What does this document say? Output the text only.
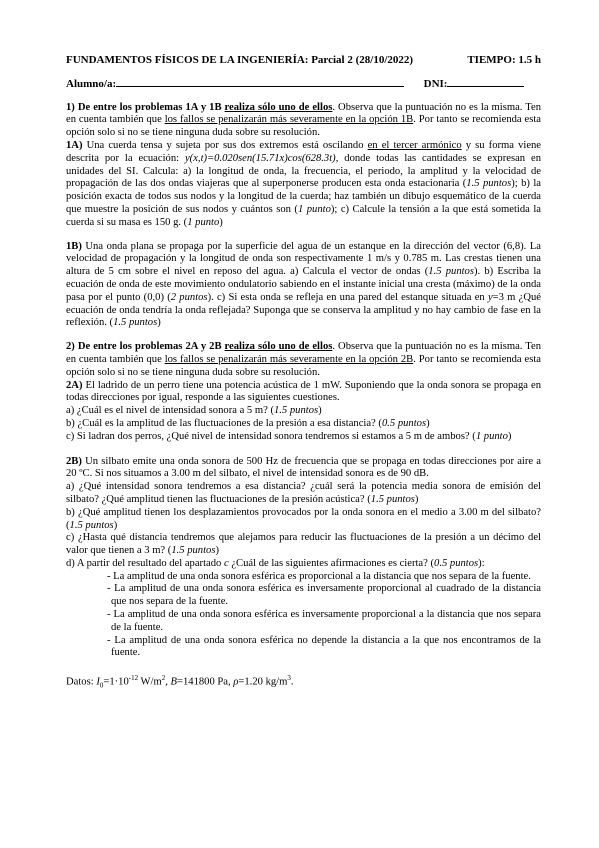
FUNDAMENTOS FÍSICOS DE LA INGENIERÍA: Parcial 2 (28/10/2022)	TIEMPO: 1.5 h
Alumno/a:	DNI:

1) De entre los problemas 1A y 1B realiza sólo uno de ellos. Observa que la puntuación no es la misma. Ten en cuenta también que los fallos se penalizarán más severamente en la opción 1B. Por tanto se recomienda esta opción solo si no se tiene ninguna duda sobre su resolución.

1A) Una cuerda tensa y sujeta por sus dos extremos está oscilando en el tercer armónico y su forma viene descrita por la ecuación: y(x,t)=0.020sen(15.71x)cos(628.3t), donde todas las cantidades se expresan en unidades del SI. Calcula: a) la longitud de onda, la frecuencia, el periodo, la amplitud y la velocidad de propagación de las dos ondas viajeras que al superponerse producen esta onda estacionaria (1.5 puntos); b) la posición exacta de todos sus nodos y la longitud de la cuerda; haz también un dibujo esquemático de la cuerda que muestre la posición de sus nodos y cuántos son (1 punto); c) Calcule la tensión a la que está sometida la cuerda si su masa es 150 g. (1 punto)

1B) Una onda plana se propaga por la superficie del agua de un estanque en la dirección del vector (6,8). La velocidad de propagación y la longitud de onda son respectivamente 1 m/s y 0.785 m. Las crestas tienen una altura de 5 cm sobre el nivel en reposo del agua. a) Calcula el vector de ondas (1.5 puntos). b) Escriba la ecuación de onda de este movimiento ondulatorio sabiendo en el instante inicial una cresta (máximo) de la onda pasa por el punto (0,0) (2 puntos). c) Si esta onda se refleja en una pared del estanque situada en y=3 m ¿Qué ecuación de onda tendría la onda reflejada? Suponga que se conserva la amplitud y no hay cambio de fase en la reflexión. (1.5 puntos)

2) De entre los problemas 2A y 2B realiza sólo uno de ellos. Observa que la puntuación no es la misma. Ten en cuenta también que los fallos se penalizarán más severamente en la opción 2B. Por tanto se recomienda esta opción solo si no se tiene ninguna duda sobre su resolución.

2A) El ladrido de un perro tiene una potencia acústica de 1 mW. Suponiendo que la onda sonora se propaga en todas direcciones por igual, responde a las siguientes cuestiones.

a) ¿Cuál es el nivel de intensidad sonora a 5 m? (1.5 puntos)

b) ¿Cuál es la amplitud de las fluctuaciones de la presión a esa distancia? (0.5 puntos)

c) Si ladran dos perros, ¿Qué nivel de intensidad sonora tendremos si estamos a 5 m de ambos? (1 punto)

2B) Un silbato emite una onda sonora de 500 Hz de frecuencia que se propaga en todas direcciones por aire a 20 ºC. Si nos situamos a 3.00 m del silbato, el nivel de intensidad sonora es de 90 dB.

a) ¿Qué intensidad sonora tendremos a esa distancia? ¿cuál será la potencia media sonora de emisión del silbato? ¿Qué amplitud tienen las fluctuaciones de la presión acústica? (1.5 puntos)

b) ¿Qué amplitud tienen los desplazamientos provocados por la onda sonora en el medio a 3.00 m del silbato? (1.5 puntos)

c) ¿Hasta qué distancia tendremos que alejamos para reducir las fluctuaciones de la presión a un décimo del valor que tienen a 3 m? (1.5 puntos)

d) A partir del resultado del apartado c ¿Cuál de las siguientes afirmaciones es cierta? (0.5 puntos):

- La amplitud de una onda sonora esférica es proporcional a la distancia que nos separa de la fuente.

- La amplitud de una onda sonora esférica es inversamente proporcional al cuadrado de la distancia que nos separa de la fuente.

- La amplitud de una onda sonora esférica es inversamente proporcional a la distancia que nos separa de la fuente.

- La amplitud de una onda sonora esférica no depende la distancia a la que nos encontramos de la fuente.

Datos: $I_0=1\cdot 10^{-12}$ $W/m^2$, B=141800 Pa, ρ=1.20 $kg/m^3$.
